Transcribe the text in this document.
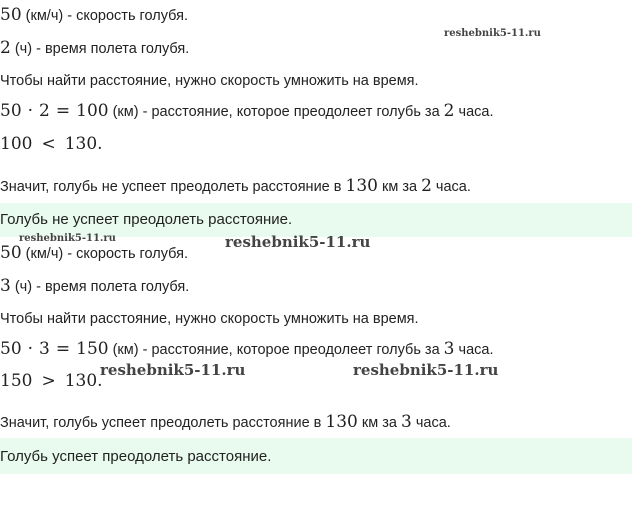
50 (км/ч) - скорость голубя.
2 (ч) - время полета голубя.
Чтобы найти расстояние, нужно скорость умножить на время.
50 · 2 = 100 (км) - расстояние, которое преодолеет голубь за 2 часа.
100 < 130.
Значит, голубь не успеет преодолеть расстояние в 130 км за 2 часа.
Голубь не успеет преодолеть расстояние.
50 (км/ч) - скорость голубя.
3 (ч) - время полета голубя.
Чтобы найти расстояние, нужно скорость умножить на время.
50 · 3 = 150 (км) - расстояние, которое преодолеет голубь за 3 часа.
150 > 130.
Значит, голубь успеет преодолеть расстояние в 130 км за 3 часа.
Голубь успеет преодолеть расстояние.
reshebnik5-11.ru
reshebnik5-11.ru	reshebnik5-11.ru
reshebnik5-11.ru	reshebnik5-11.ru
